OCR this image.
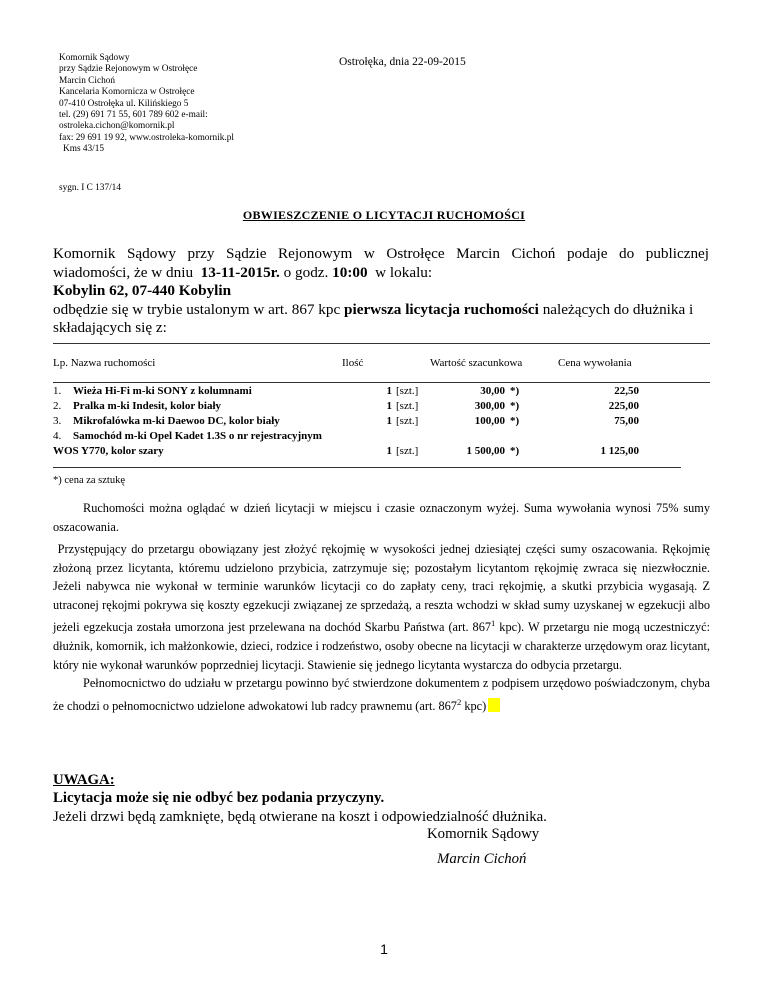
Komornik Sądowy
przy Sądzie Rejonowym w Ostrołęce
Marcin Cichoń
Kancelaria Komornicza w Ostrołęce
07-410 Ostrołęka ul. Kilińskiego 5
tel. (29) 691 71 55, 601 789 602 e-mail:
ostroleka.cichon@komornik.pl
fax: 29 691 19 92, www.ostroleka-komornik.pl
Kms 43/15
Ostrołęka, dnia 22-09-2015
sygn. I C 137/14
OBWIESZCZENIE O LICYTACJI RUCHOMOŚCI

Komornik Sądowy przy Sądzie Rejonowym w Ostrołęce Marcin Cichoń podaje do publicznej

wiadomości, że w dniu 13-11-2015r. o godz. 10:00 w lokalu:

Kobylin 62, 07-440 Kobylin

odbędzie się w trybie ustalonym w art. 867 kpc pierwsza licytacja ruchomości należących do dłużnika i

składających się z:

Lp. Nazwa ruchomości	Ilość	Wartość szacunkowa	Cena wywołania
1. Wieża Hi-Fi m-ki SONY z kolumnami	1 [szt.]	30,00 *)	22,50
2. Pralka m-ki Indesit, kolor biały	1 [szt.]	300,00 *)	225,00
3. Mikrofalówka m-ki Daewoo DC, kolor biały	1 [szt.]	100,00 *)	75,00
4. Samochód m-ki Opel Kadet 1.3S o nr rejestracyjnym
WOS Y770, kolor szary	1 [szt.]	1 500,00 *)	1 125,00
*) cena za sztukę

Ruchomości można oglądać w dzień licytacji w miejscu i czasie oznaczonym wyżej. Suma wywołania wynosi 75% sumy oszacowania.

Przystępujący do przetargu obowiązany jest złożyć rękojmię w wysokości jednej dziesiątej części sumy oszacowania. Rękojmię złożoną przez licytanta, któremu udzielono przybicia, zatrzymuje się; pozostałym licytantom rękojmię zwraca się niezwłocznie. Jeżeli nabywca nie wykonał w terminie warunków licytacji co do zapłaty ceny, traci rękojmię, a skutki przybicia wygasają. Z utraconej rękojmi pokrywa się koszty egzekucji związanej ze sprzedażą, a reszta wchodzi w skład sumy uzyskanej w egzekucji albo jeżeli egzekucja została umorzona jest przelewana na dochód Skarbu Państwa (art. $867^1$ kpc). W przetargu nie mogą uczestniczyć: dłużnik, komornik, ich małżonkowie, dzieci, rodzice i rodzeństwo, osoby obecne na licytacji w charakterze urzędowym oraz licytant, który nie wykonał warunków poprzedniej licytacji. Stawienie się jednego licytanta wystarcza do odbycia przetargu.

Pełnomocnictwo do udziału w przetargu powinno być stwierdzone dokumentem z podpisem urzędowo poświadczonym, chyba że chodzi o pełnomocnictwo udzielone adwokatowi lub radcy prawnemu (art. $867^2$ kpc)

UWAGA:
Licytacja może się nie odbyć bez podania przyczyny.
Jeżeli drzwi będą zamknięte, będą otwierane na koszt i odpowiedzialność dłużnika.
Komornik Sądowy
Marcin Cichoń
1
